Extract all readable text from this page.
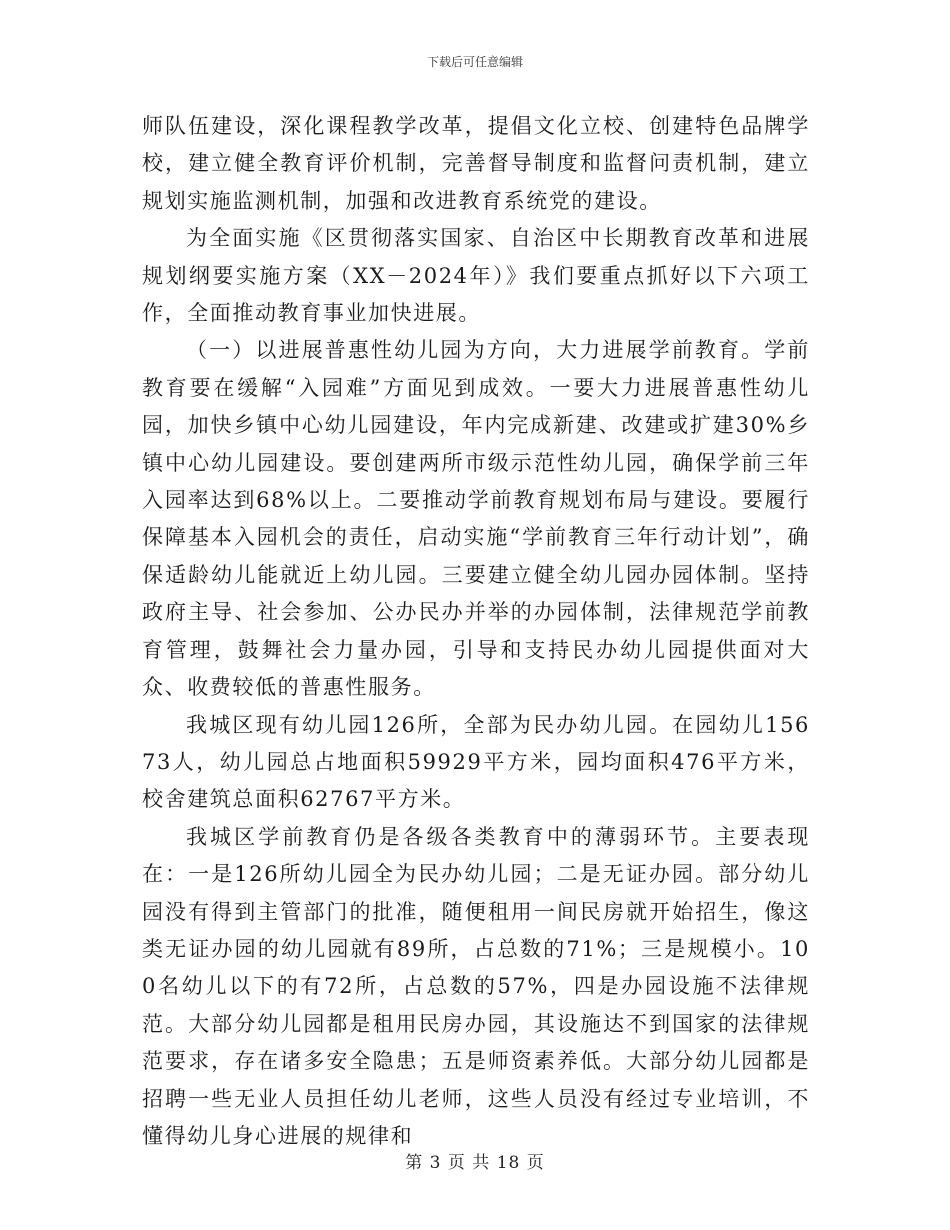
下载后可任意编辑

师队伍建设，深化课程教学改革，提倡文化立校、创建特色品牌学校，建立健全教育评价机制，完善督导制度和监督问责机制，建立规划实施监测机制，加强和改进教育系统党的建设。

为全面实施《区贯彻落实国家、自治区中长期教育改革和进展规划纲要实施方案（XX－2024年）》我们要重点抓好以下六项工作，全面推动教育事业加快进展。

（一）以进展普惠性幼儿园为方向，大力进展学前教育。学前教育要在缓解“入园难”方面见到成效。一要大力进展普惠性幼儿园，加快乡镇中心幼儿园建设，年内完成新建、改建或扩建30%乡镇中心幼儿园建设。要创建两所市级示范性幼儿园，确保学前三年入园率达到68%以上。二要推动学前教育规划布局与建设。要履行保障基本入园机会的责任，启动实施“学前教育三年行动计划”，确保适龄幼儿能就近上幼儿园。三要建立健全幼儿园办园体制。坚持政府主导、社会参加、公办民办并举的办园体制，法律规范学前教育管理，鼓舞社会力量办园，引导和支持民办幼儿园提供面对大众、收费较低的普惠性服务。

我城区现有幼儿园126所，全部为民办幼儿园。在园幼儿15673人，幼儿园总占地面积59929平方米，园均面积476平方米，校舍建筑总面积62767平方米。

我城区学前教育仍是各级各类教育中的薄弱环节。主要表现在：一是126所幼儿园全为民办幼儿园；二是无证办园。部分幼儿园没有得到主管部门的批准，随便租用一间民房就开始招生，像这类无证办园的幼儿园就有89所，占总数的71%；三是规模小。100名幼儿以下的有72所，占总数的57%，四是办园设施不法律规范。大部分幼儿园都是租用民房办园，其设施达不到国家的法律规范要求，存在诸多安全隐患；五是师资素养低。大部分幼儿园都是招聘一些无业人员担任幼儿老师，这些人员没有经过专业培训，不懂得幼儿身心进展的规律和

第 3 页 共 18 页
